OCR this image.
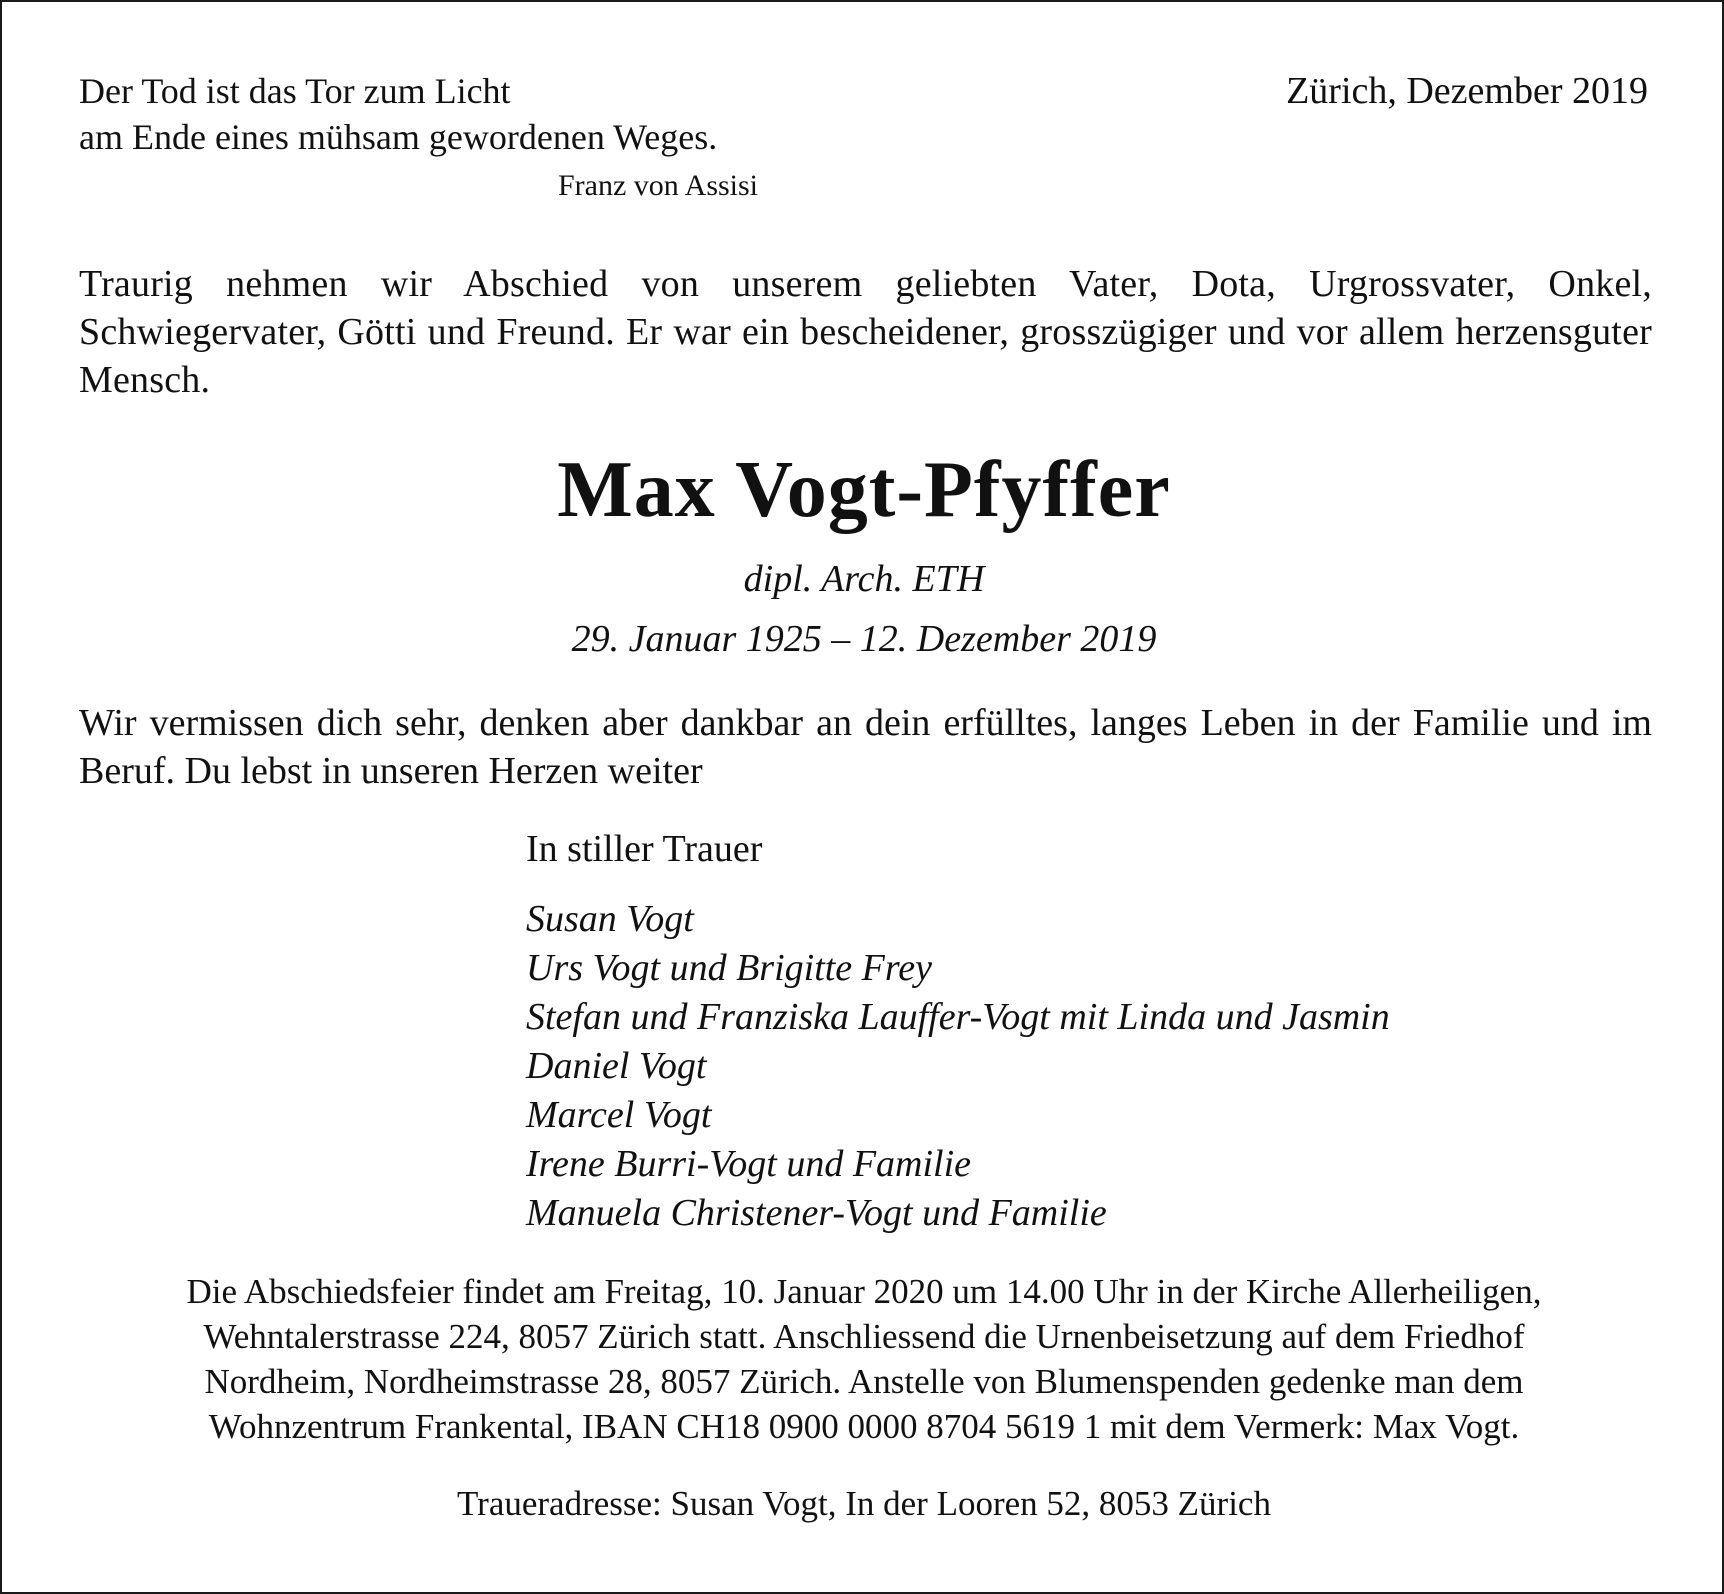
Der Tod ist das Tor zum Licht
am Ende eines mühsam gewordenen Weges.
Franz von Assisi
Zürich, Dezember 2019
Traurig nehmen wir Abschied von unserem geliebten Vater, Dota, Urgrossvater, Onkel, Schwiegervater, Götti und Freund. Er war ein bescheidener, grosszügiger und vor allem herzensguter Mensch.
Max Vogt-Pfyffer
dipl. Arch. ETH
29. Januar 1925 – 12. Dezember 2019
Wir vermissen dich sehr, denken aber dankbar an dein erfülltes, langes Leben in der Familie und im Beruf. Du lebst in unseren Herzen weiter
In stiller Trauer
Susan Vogt
Urs Vogt und Brigitte Frey
Stefan und Franziska Lauffer-Vogt mit Linda und Jasmin
Daniel Vogt
Marcel Vogt
Irene Burri-Vogt und Familie
Manuela Christener-Vogt und Familie
Die Abschiedsfeier findet am Freitag, 10. Januar 2020 um 14.00 Uhr in der Kirche Allerheiligen,
Wehntalerstrasse 224, 8057 Zürich statt. Anschliessend die Urnenbeisetzung auf dem Friedhof
Nordheim, Nordheimstrasse 28, 8057 Zürich. Anstelle von Blumenspenden gedenke man dem
Wohnzentrum Frankental, IBAN CH18 0900 0000 8704 5619 1 mit dem Vermerk: Max Vogt.
Traueradresse: Susan Vogt, In der Looren 52, 8053 Zürich
